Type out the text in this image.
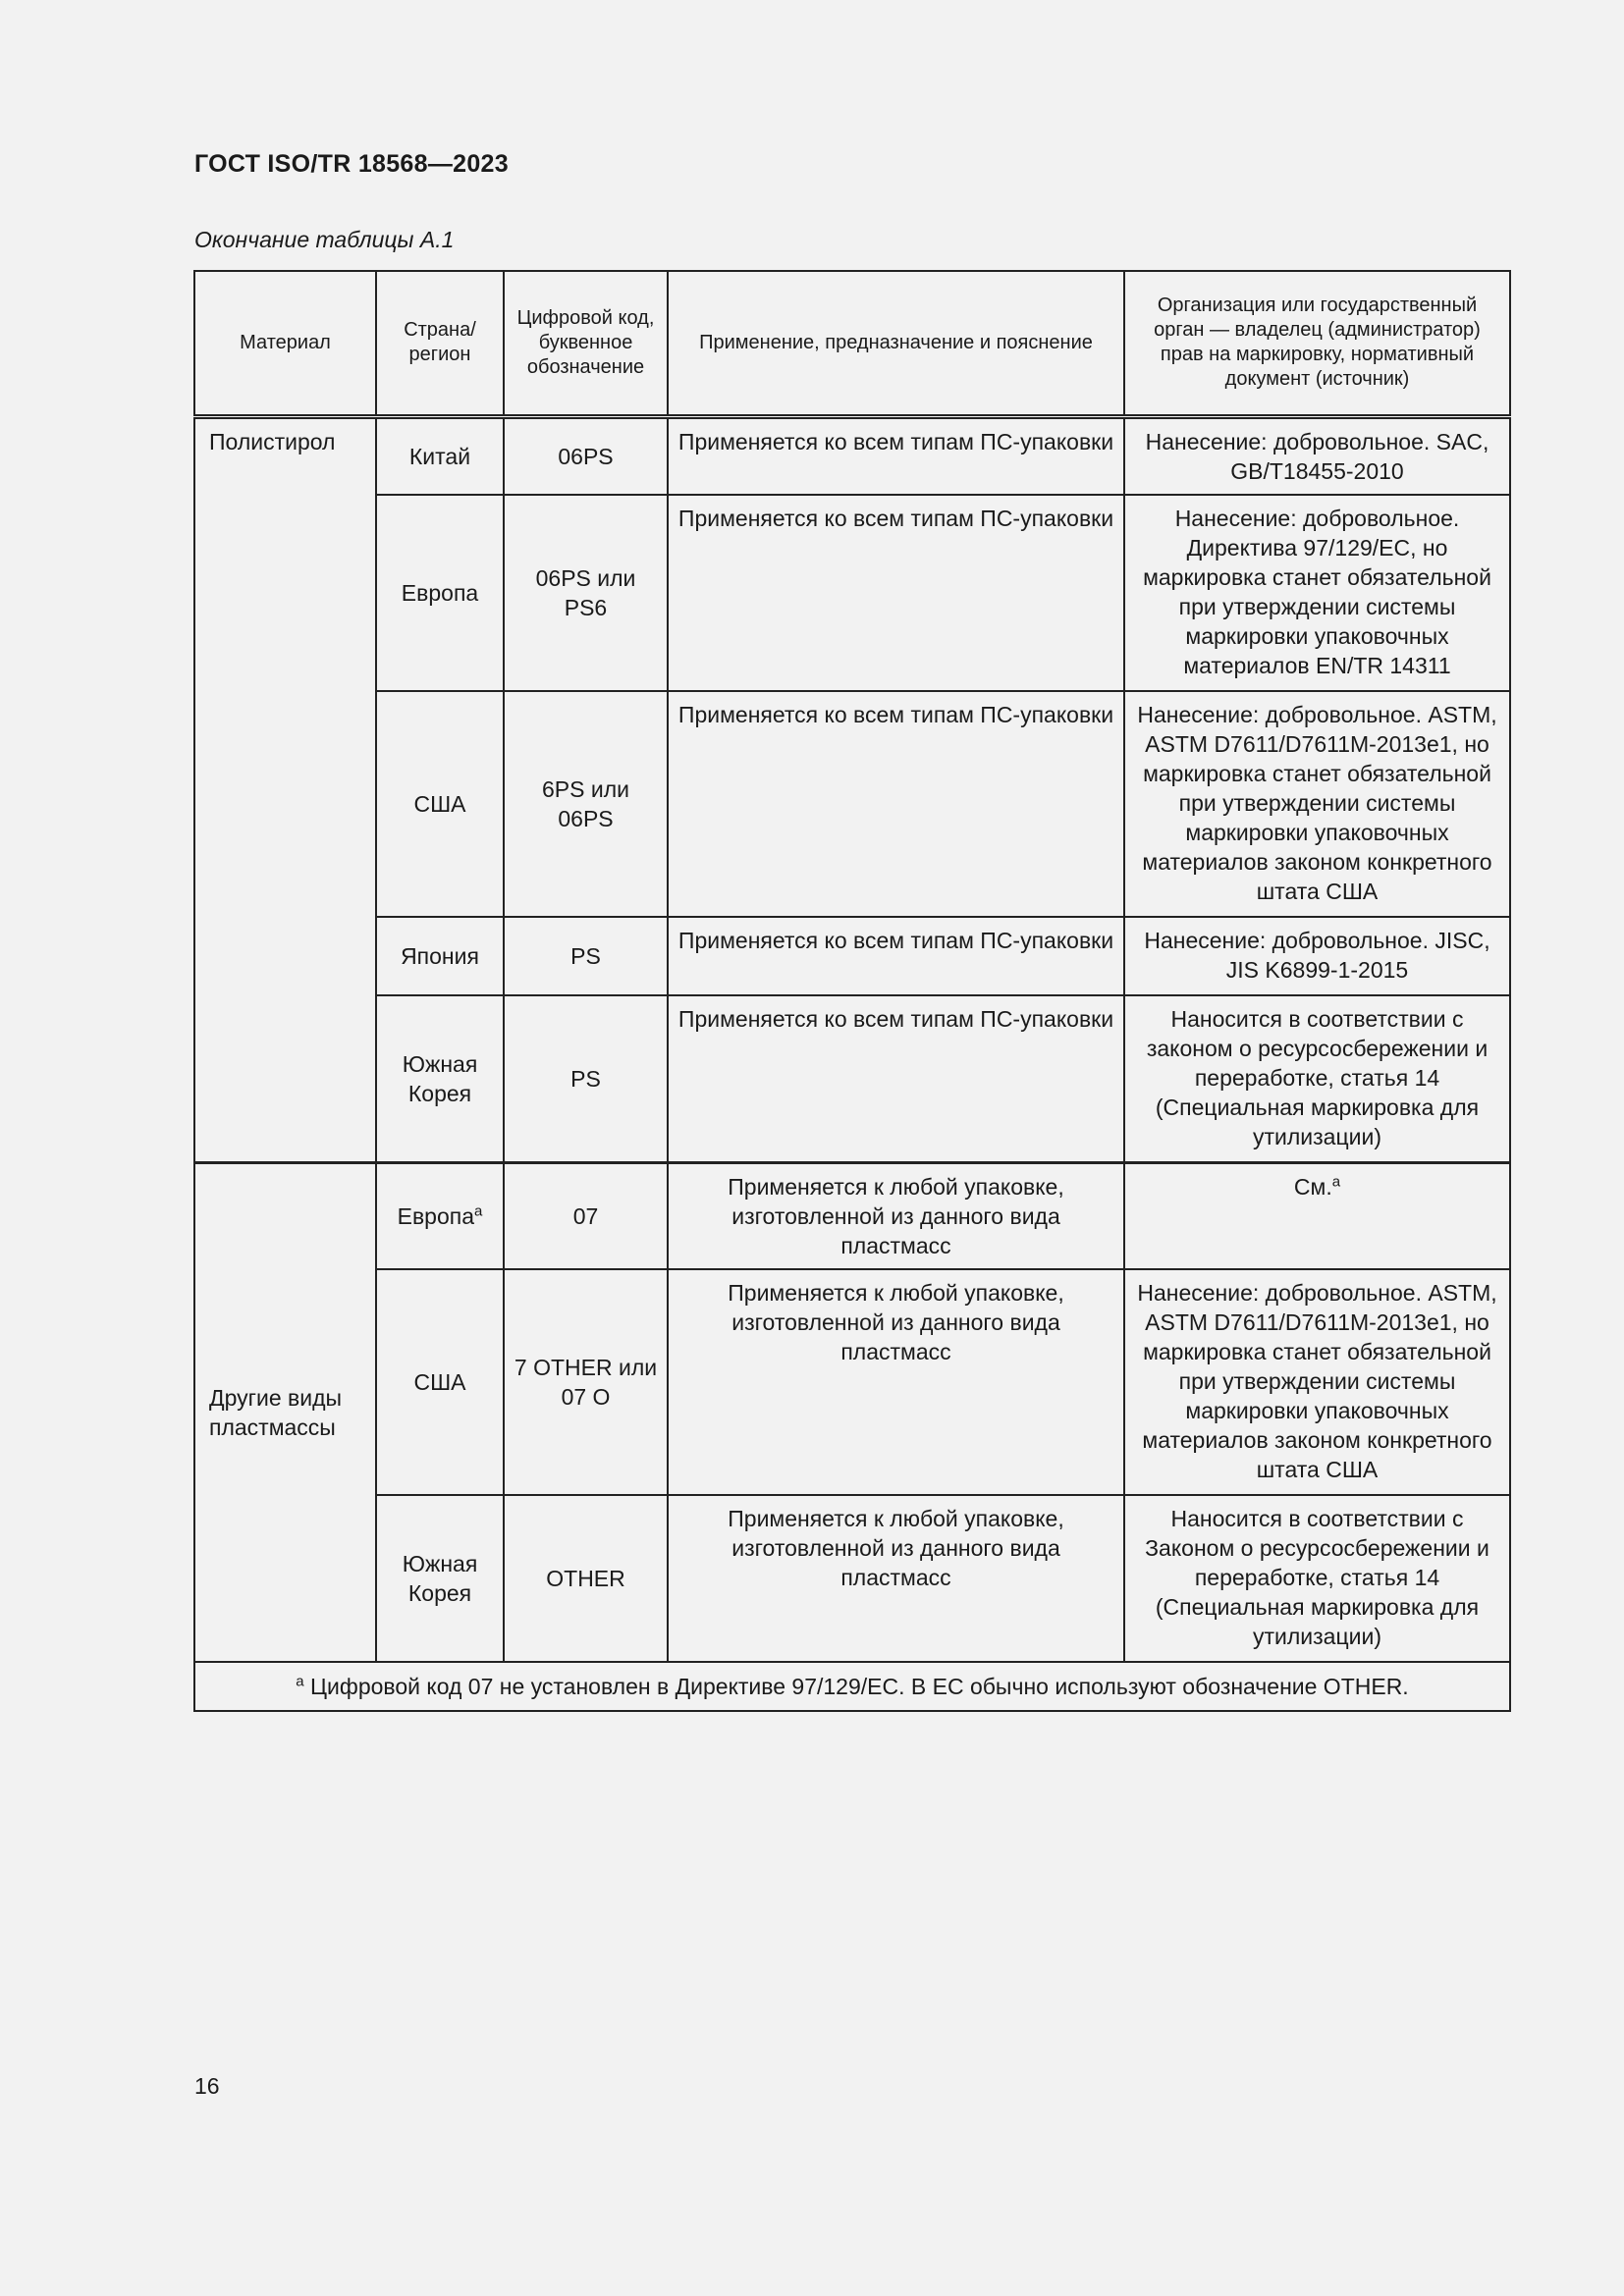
ГОСТ ISO/TR 18568—2023
Окончание таблицы А.1
Материал	Страна/ регион	Цифровой код, буквенное обозначение	Применение, предназначение и пояснение	Организация или государственный орган — владелец (администратор) прав на маркировку, нормативный документ (источник)
Полистирол	Китай	06PS	Применяется ко всем типам ПС-упаковки	Нанесение: добровольное. SAC, GB/T18455-2010
	Европа	06PS или PS6	Применяется ко всем типам ПС-упаковки	Нанесение: добровольное. Директива 97/129/EC, но маркировка станет обязательной при утверждении системы маркировки упаковочных материалов EN/TR 14311
	США	6PS или 06PS	Применяется ко всем типам ПС-упаковки	Нанесение: добровольное. ASTM, ASTM D7611/D7611M-2013e1, но маркировка станет обязательной при утверждении системы маркировки упаковочных материалов законом конкретного штата США
	Япония	PS	Применяется ко всем типам ПС-упаковки	Нанесение: добровольное. JISC, JIS K6899-1-2015
	Южная Корея	PS	Применяется ко всем типам ПС-упаковки	Наносится в соответствии с законом о ресурсосбережении и переработке, статья 14 (Специальная маркировка для утилизации)
Другие виды пластмассы	Европа$^a$	07	Применяется к любой упаковке, изготовленной из данного вида пластмасс	См.$^a$
	США	7 OTHER или 07 O	Применяется к любой упаковке, изготовленной из данного вида пластмасс	Нанесение: добровольное. ASTM, ASTM D7611/D7611M-2013e1, но маркировка станет обязательной при утверждении системы маркировки упаковочных материалов законом конкретного штата США
	Южная Корея	OTHER	Применяется к любой упаковке, изготовленной из данного вида пластмасс	Наносится в соответствии с Законом о ресурсосбережении и переработке, статья 14 (Специальная маркировка для утилизации)
$^a$ Цифровой код 07 не установлен в Директиве 97/129/EC. В ЕС обычно используют обозначение OTHER.				
16
